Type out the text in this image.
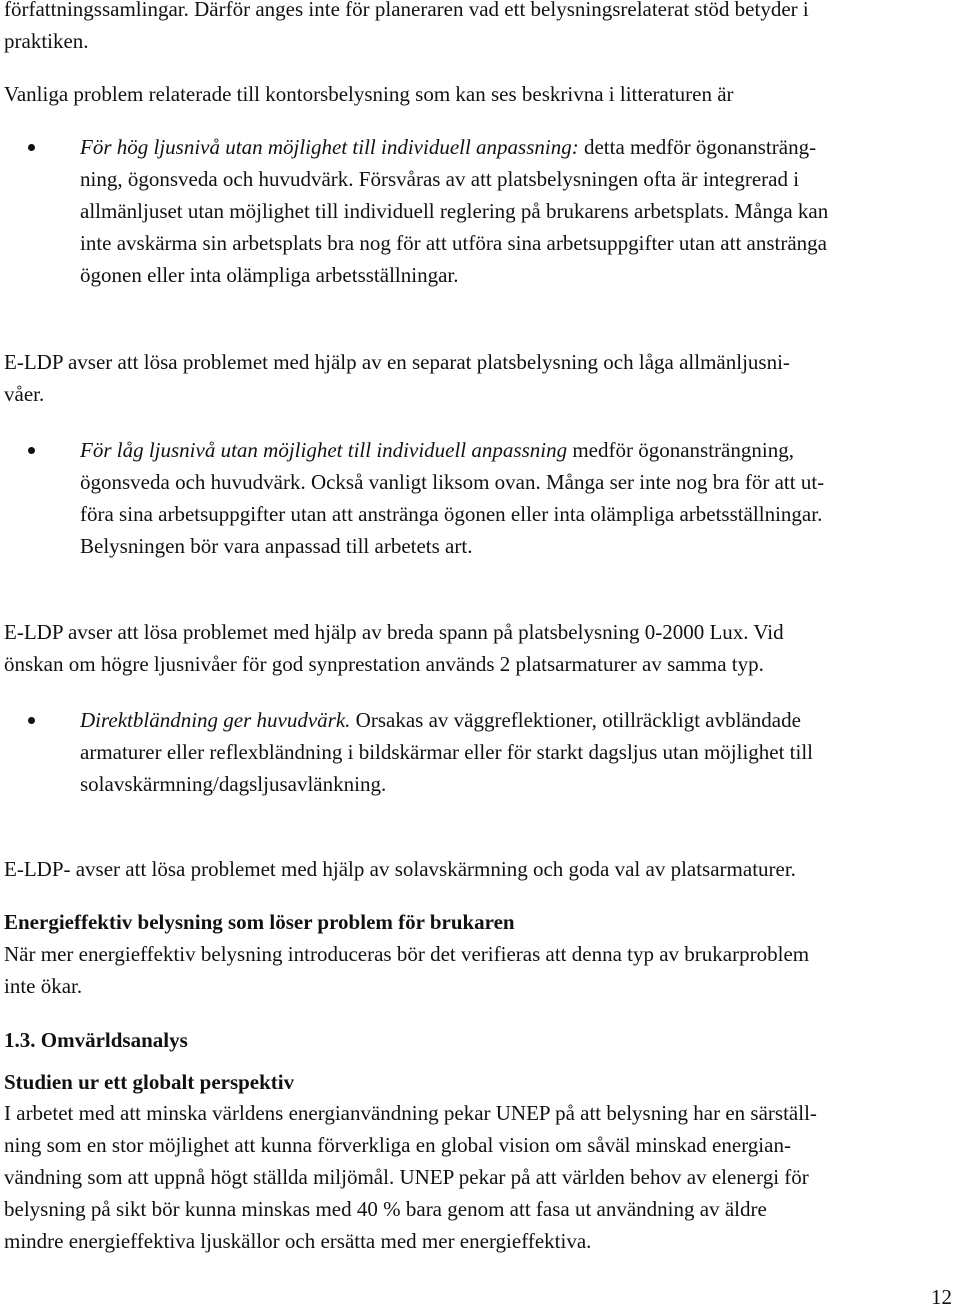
författningssamlingar. Därför anges inte för planeraren vad ett belysningsrelaterat stöd betyder i
praktiken.

Vanliga problem relaterade till kontorsbelysning som kan ses beskrivna i litteraturen är

För hög ljusnivå utan möjlighet till individuell anpassning: detta medför ögonansträng-
ning, ögonsveda och huvudvärk. Försvåras av att platsbelysningen ofta är integrerad i
allmänljuset utan möjlighet till individuell reglering på brukarens arbetsplats. Många kan
inte avskärma sin arbetsplats bra nog för att utföra sina arbetsuppgifter utan att anstränga
ögonen eller inta olämpliga arbetsställningar.

E-LDP avser att lösa problemet med hjälp av en separat platsbelysning och låga allmänljusni-
våer.

För låg ljusnivå utan möjlighet till individuell anpassning medför ögonansträngning,
ögonsveda och huvudvärk. Också vanligt liksom ovan. Många ser inte nog bra för att ut-
föra sina arbetsuppgifter utan att anstränga ögonen eller inta olämpliga arbetsställningar.
Belysningen bör vara anpassad till arbetets art.

E-LDP avser att lösa problemet med hjälp av breda spann på platsbelysning 0-2000 Lux. Vid
önskan om högre ljusnivåer för god synprestation används 2 platsarmaturer av samma typ.

Direktbländning ger huvudvärk. Orsakas av väggreflektioner, otillräckligt avbländade
armaturer eller reflexbländning i bildskärmar eller för starkt dagsljus utan möjlighet till
solavskärmning/dagsljusavlänkning.

E-LDP- avser att lösa problemet med hjälp av solavskärmning och goda val av platsarmaturer.

Energieffektiv belysning som löser problem för brukaren

När mer energieffektiv belysning introduceras bör det verifieras att denna typ av brukarproblem
inte ökar.

1.3. Omvärldsanalys

Studien ur ett globalt perspektiv

I arbetet med att minska världens energianvändning pekar UNEP på att belysning har en särställ-
ning som en stor möjlighet att kunna förverkliga en global vision om såväl minskad energian-
vändning som att uppnå högt ställda miljömål. UNEP pekar på att världen behov av elenergi för
belysning på sikt bör kunna minskas med 40 % bara genom att fasa ut användning av äldre
mindre energieffektiva ljuskällor och ersätta med mer energieffektiva.

12
